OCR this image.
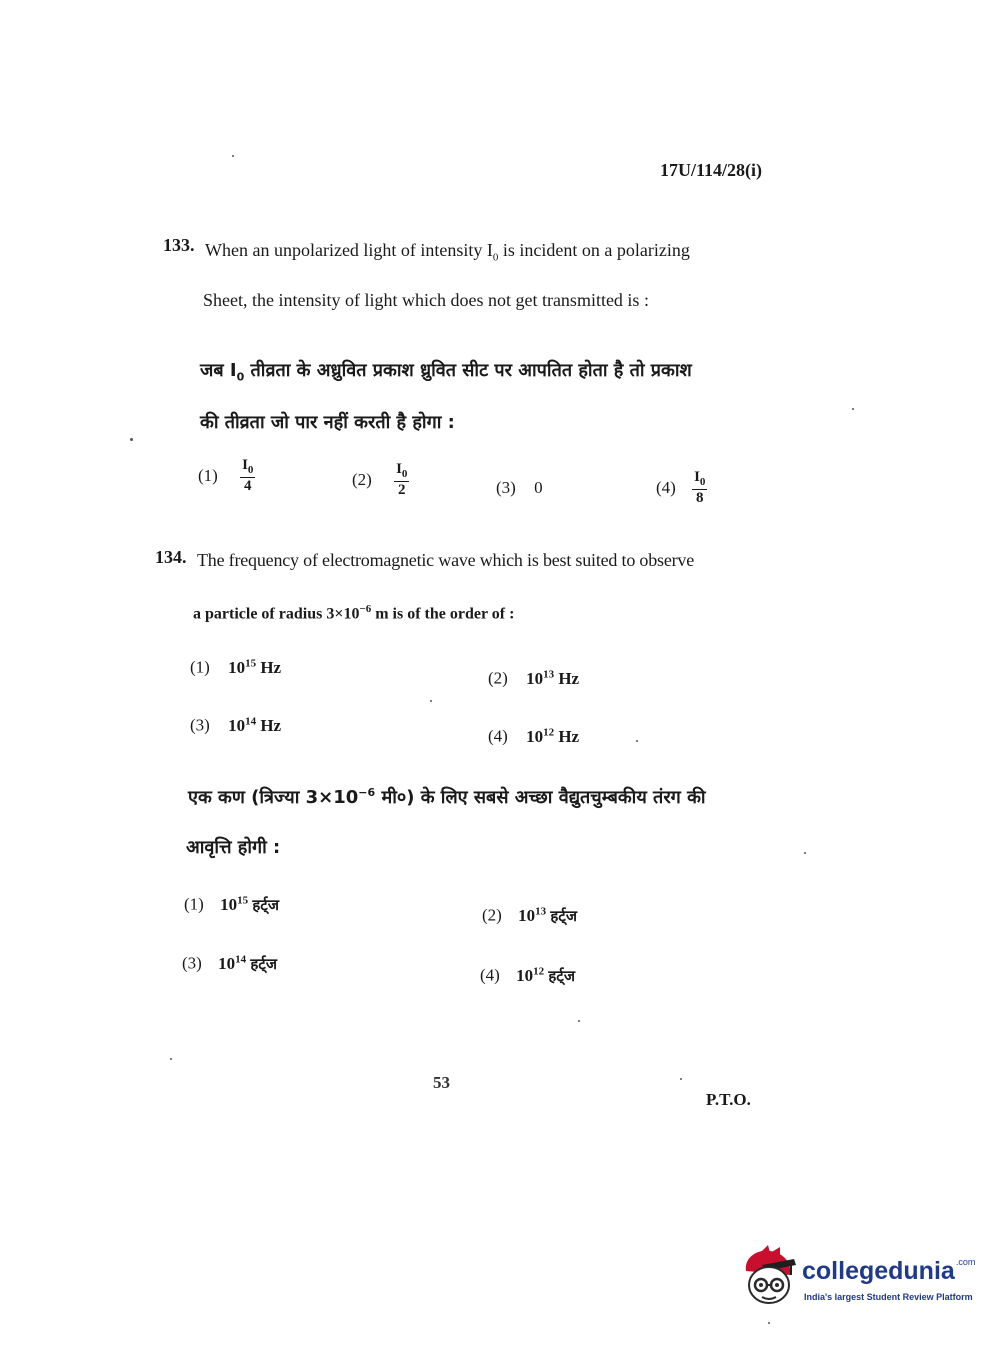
17U/114/28(i)
133. When an unpolarized light of intensity $I_0$ is incident on a polarizing
Sheet, the intensity of light which does not get transmitted is :
जब $I_0$ तीव्रता के अध्रुवित प्रकाश ध्रुवित सीट पर आपतित होता है तो प्रकाश
की तीव्रता जो पार नहीं करती है होगा :
$(1) \frac{I_0}{4}$	$(2) \frac{I_0}{2}$	(3) 0	$(4) \frac{I_0}{8}$
134. The frequency of electromagnetic wave which is best suited to observe
a particle of radius $3\times 10^{-6}$ m is of the order of :
(1) $10^{15}$ Hz
(2) $10^{13}$ Hz
(3) $10^{14}$ Hz
(4) $10^{12}$ Hz
एक कण (त्रिज्या $3\times 10^{-6}$ मी०) के लिए सबसे अच्छा वैद्युतचुम्बकीय तंरग की
आवृत्ति होगी :
(1) $10^{15}$ हर्ट्ज
(2) $10^{13}$ हर्ट्ज
(3) $10^{14}$ हर्ट्ज
(4) $10^{12}$ हर्ट्ज
53
P.T.O.
collegedunia$^{.com}$
India's largest Student Review Platform
